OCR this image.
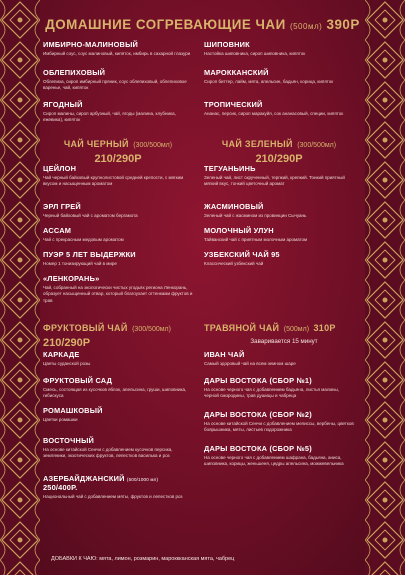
ДОМАШНИЕ СОГРЕВАЮЩИЕ ЧАИ (500мл) 390Р
ИМБИРНО-МАЛИНОВЫЙ
Имбирный соус, соус малиновый, кипяток, имбирь в сахарной глазури
ОБЛЕПИХОВЫЙ
Облепиха, сироп имбирный пряник, соус облепиховый, облепиховое варенье, чай, кипяток
ЯГОДНЫЙ
Сироп малины, сироп арбузный, чай, ягоды (малина, клубника, ежевика), кипяток
ШИПОВНИК
Настойка шиповника, сироп шиповника, кипяток
МАРОККАНСКИЙ
Сироп биттер, лайм, мята, апельсин, бадьян, корица, кипяток
ТРОПИЧЕСКИЙ
Ананас, персик, сироп маракуйя, сок ананасовый, специи, кипяток
ЧАЙ ЧЕРНЫЙ (300/500мл)
210/290Р
ЦЕЙЛОН
Чай черный байховый крупнолистовой средней крепости, с мягким вкусом и насыщенным ароматом
ЭРЛ ГРЕЙ
Черный байховый чай с ароматом бергамота
АССАМ
Чай с прекрасным медовым ароматом
ПУЭР 5 ЛЕТ ВЫДЕРЖКИ
Номер 1 тонизирующий чай в мире
«ЛЕНКОРАНЬ»
Чай, собранный на экологически чистых угодьях региона Ленкорань, образует насыщенный отвар, который благоухает оттенками фруктов и трав
ЧАЙ ЗЕЛЕНЫЙ (300/500мл)
210/290Р
ТЕГУАНЬИНЬ
Зеленый чай, лист скрученный, терпкий, крепкий. Тонкий приятный мягкий вкус, тонкий цветочный аромат
ЖАСМИНОВЫЙ
Зеленый чай с жасмином из провинции Сычуань
МОЛОЧНЫЙ УЛУН
Тайванский чай с приятным молочным ароматом
УЗБЕКСКИЙ ЧАЙ 95
Классический узбекский чай
ФРУКТОВЫЙ ЧАЙ (300/500мл)
210/290Р
КАРКАДЕ
Цветы суданской розы
ФРУКТОВЫЙ САД
Смесь, состоящая из кусочков яблок, апельсина, груши, шиповника, гибискуса
РОМАШКОВЫЙ
Цветки ромашки
ВОСТОЧНЫЙ
На основе китайской Сенчи с добавлением кусочков персика, земляники, экзотических фруктов, лепестков василька и роз
АЗЕРБАЙДЖАНСКИЙ (500/1000 мл)
250/400Р.
Национальный чай с добавлением мяты, фруктов и лепестков роз
ТРАВЯНОЙ ЧАЙ (500мл) 310Р
Заваривается 15 минут
ИВАН ЧАЙ
Самый здоровый чай на всем земном шаре
ДАРЫ ВОСТОКА (СБОР №1)
На основе черного чая с добавлением бадьяна, листья малины, черной смородины, трав душицы и чабреца
ДАРЫ ВОСТОКА (СБОР №2)
На основе китайской Сенчи с добавлением мелиссы, вербены, цветков боярышника, мяты, листьев подорожника
ДАРЫ ВОСТОКА (СБОР №5)
На основе черного чая с добавлением шафрана, бадьяна, аниса, шиповника, корицы, женьшеня, цедры апельсина, можжевельника
ДОБАВКИ К ЧАЮ: мята, лимон, розмарин, мароккканская мята, чабрец
